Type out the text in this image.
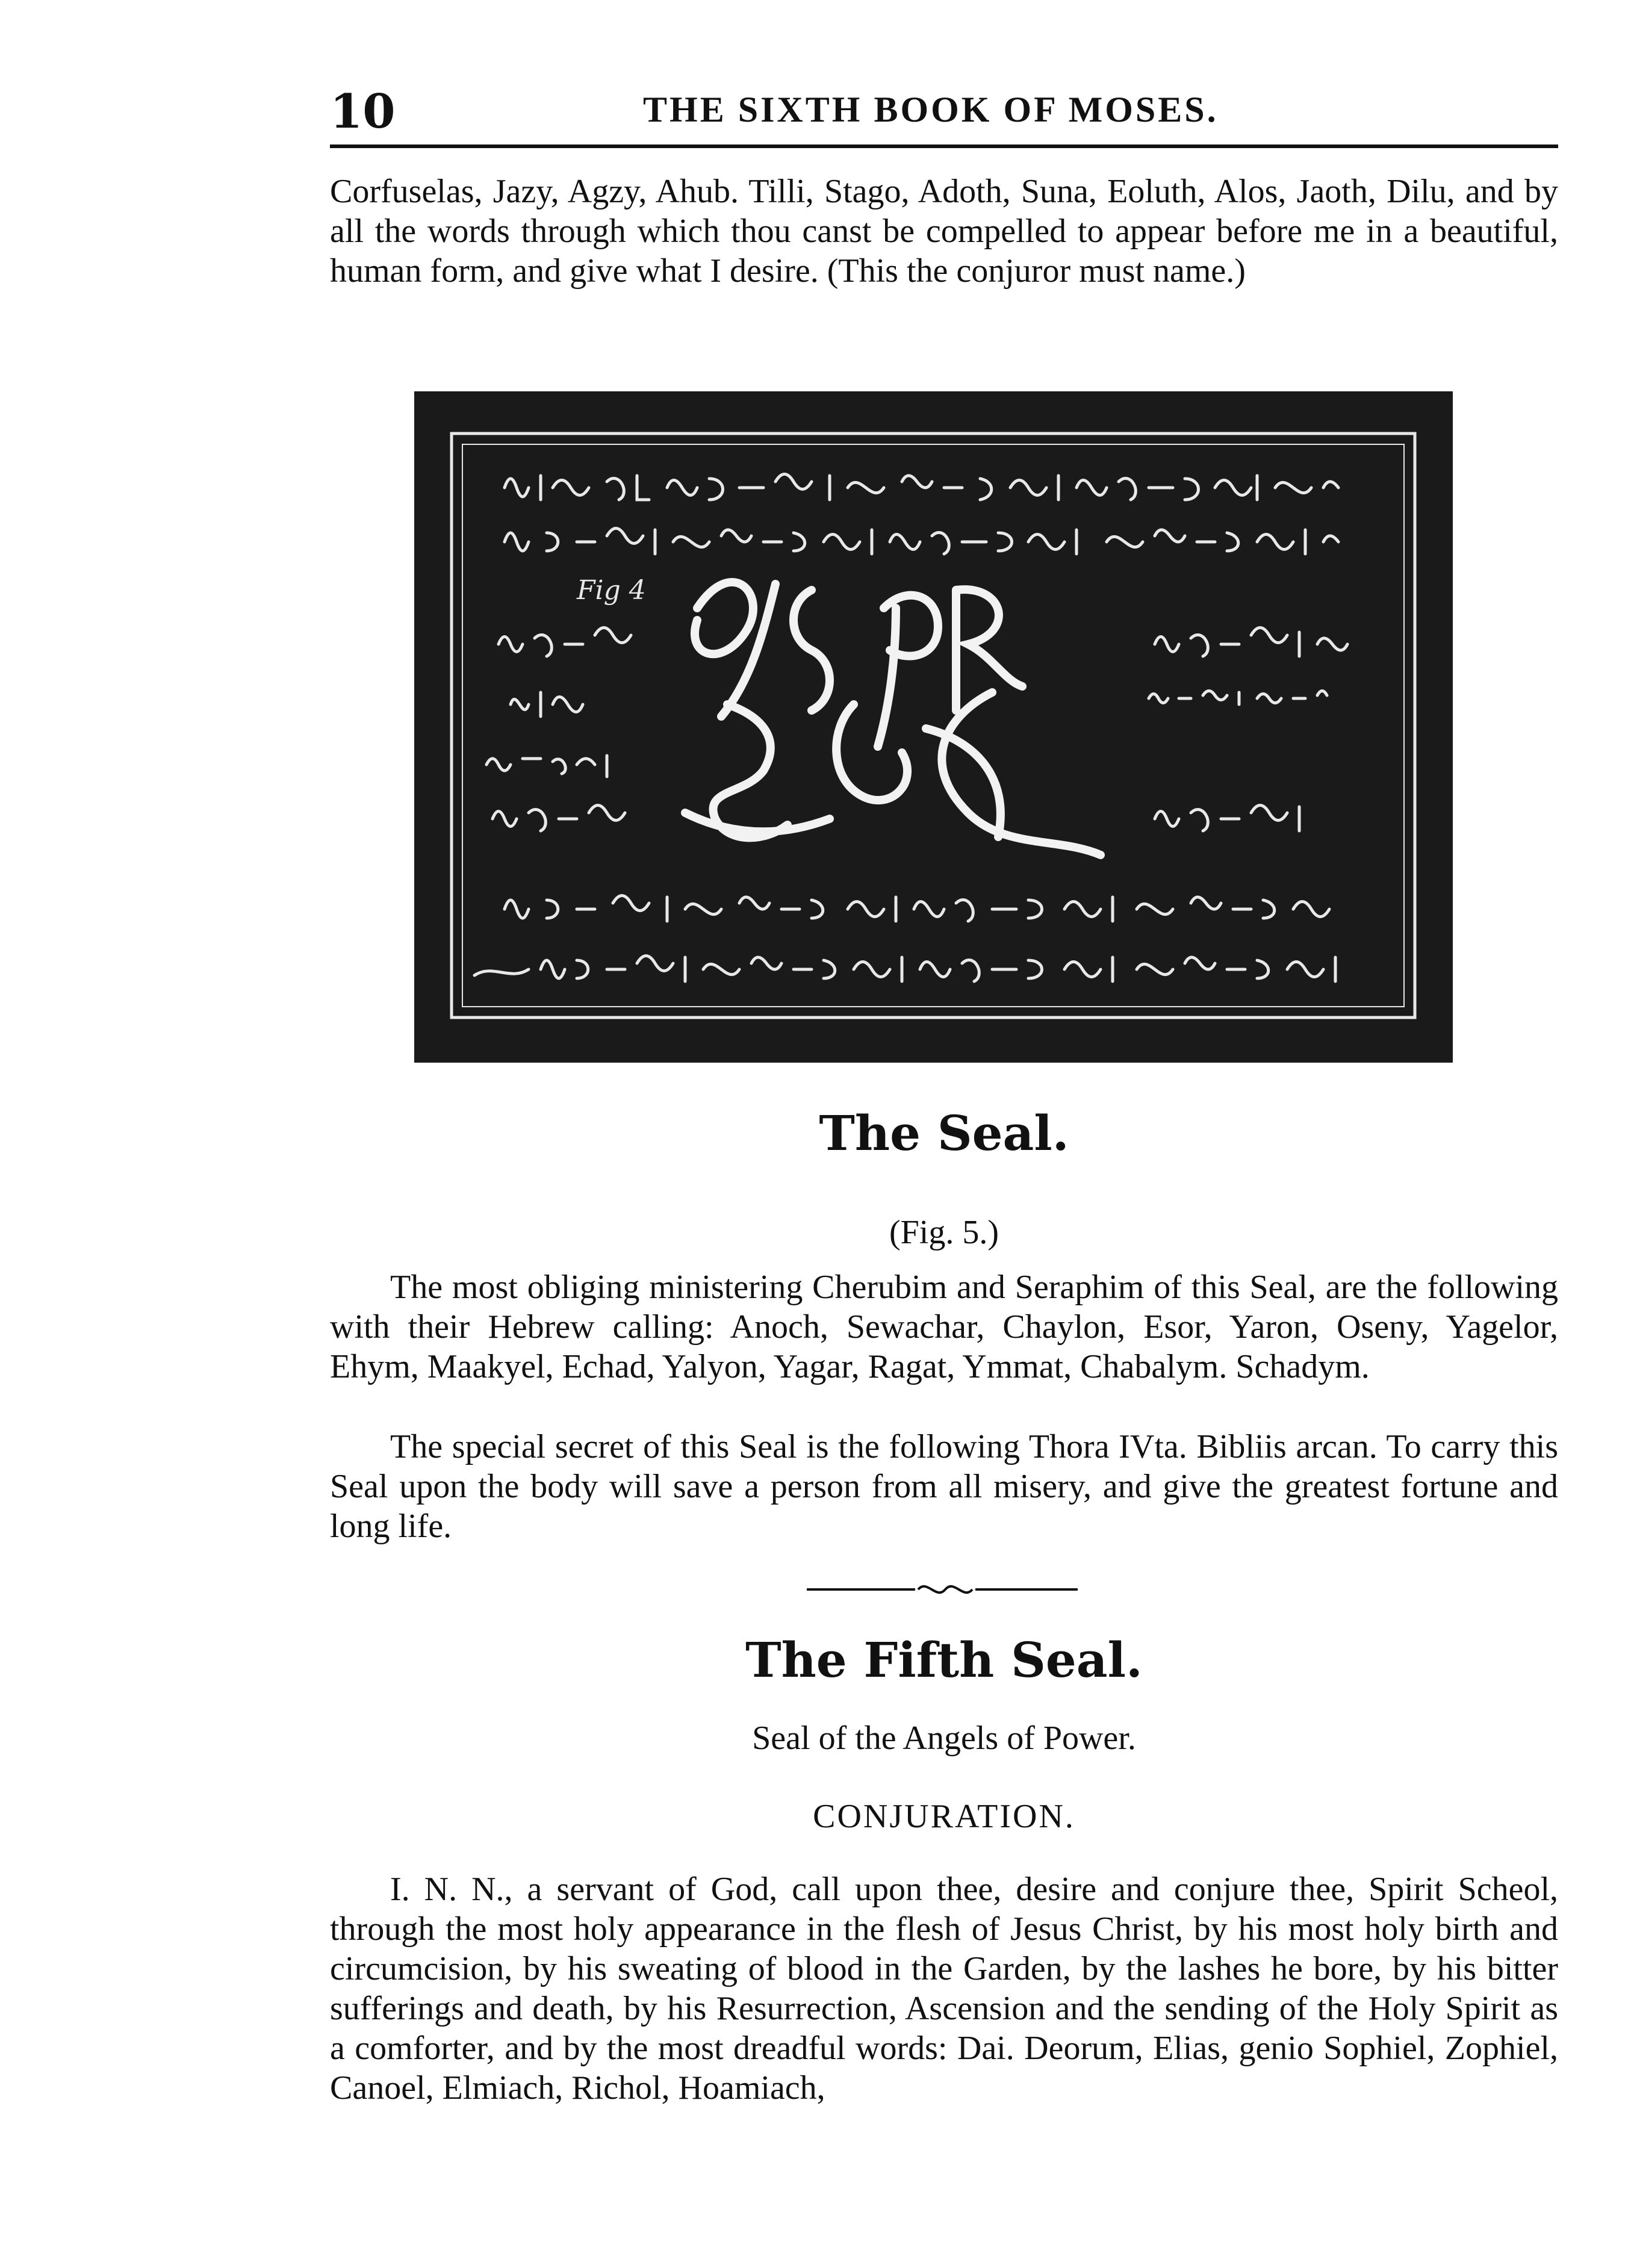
10	THE SIXTH BOOK OF MOSES.

Corfuselas, Jazy, Agzy, Ahub. Tilli, Stago, Adoth, Suna, Eoluth, Alos, Jaoth, Dilu, and by all the words through which thou canst be compelled to appear before me in a beautiful, human form, and give what I desire. (This the conjuror must name.)

Fig 4
The Seal.
(Fig. 5.)

The most obliging ministering Cherubim and Seraphim of this Seal, are the following with their Hebrew calling: Anoch, Sewachar, Chaylon, Esor, Yaron, Oseny, Yagelor, Ehym, Maakyel, Echad, Yalyon, Yagar, Ragat, Ymmat, Chabalym. Schadym.

The special secret of this Seal is the following Thora IVta. Bibliis arcan. To carry this Seal upon the body will save a person from all misery, and give the greatest fortune and long life.

The Fifth Seal.
Seal of the Angels of Power.
CONJURATION.

I. N. N., a servant of God, call upon thee, desire and conjure thee, Spirit Scheol, through the most holy appearance in the flesh of Jesus Christ, by his most holy birth and circumcision, by his sweating of blood in the Garden, by the lashes he bore, by his bitter sufferings and death, by his Resurrection, Ascension and the sending of the Holy Spirit as a comforter, and by the most dreadful words: Dai. Deorum, Elias, genio Sophiel, Zophiel, Canoel, Elmiach, Richol, Hoamiach,
